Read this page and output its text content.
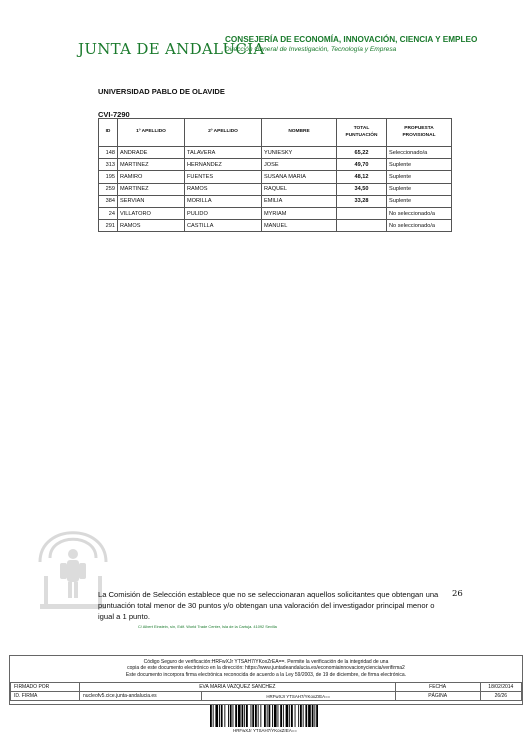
JUNTA DE ANDALUCIA
CONSEJERÍA DE ECONOMÍA, INNOVACIÓN, CIENCIA Y EMPLEO
Dirección General de Investigación, Tecnología y Empresa
UNIVERSIDAD PABLO DE OLAVIDE
CVI-7290
ID	1º APELLIDO	2º APELLIDO	NOMBRE	TOTAL PUNTUACIÓN	PROPUESTA PROVISIONAL
148	ANDRADE	TALAVERA	YUNIESKY	65,22	Seleccionado/a
313	MARTINEZ	HERNANDEZ	JOSE	49,70	Suplente
195	RAMIRO	FUENTES	SUSANA MARIA	48,12	Suplente
259	MARTINEZ	RAMOS	RAQUEL	34,50	Suplente
384	SERVIAN	MORILLA	EMILIA	33,28	Suplente
24	VILLATORO	PULIDO	MYRIAM		No seleccionado/a
291	RAMOS	CASTILLA	MANUEL		No seleccionado/a
La Comisión de Selección establece que no se seleccionaran aquellos solicitantes que obtengan una puntuación total menor de 30 puntos y/o obtengan una valoración del investigador principal menor o igual a 1 punto.
26
C/ Albert Einstein, s/n, Edif. World Trade Center, Isla de la Cartuja. 41092 Sevilla
Código Seguro de verificación:HRFwXJr YTSAH7/YKoxZrEA==. Permite la verificación de la integridad de una
copia de este documento electrónico en la dirección: https://www.juntadeandalucia.es/economiainnovacionyciencia/verifirma2
Este documento incorpora firma electrónica reconocida de acuerdo a la Ley 59/2003, de 19 de diciembre, de firma electrónica.
FIRMADO POR	EVA MARIA VAZQUEZ SANCHEZ		FECHA	18/02/2014
ID. FIRMA	nucleofv5.cice.junta-andalucia.es	HRFwXJr YTSAH7/YKoxZrEA==	PÁGINA	26/26
HRFwXJr YTSAH7/YKoxZrEA==
